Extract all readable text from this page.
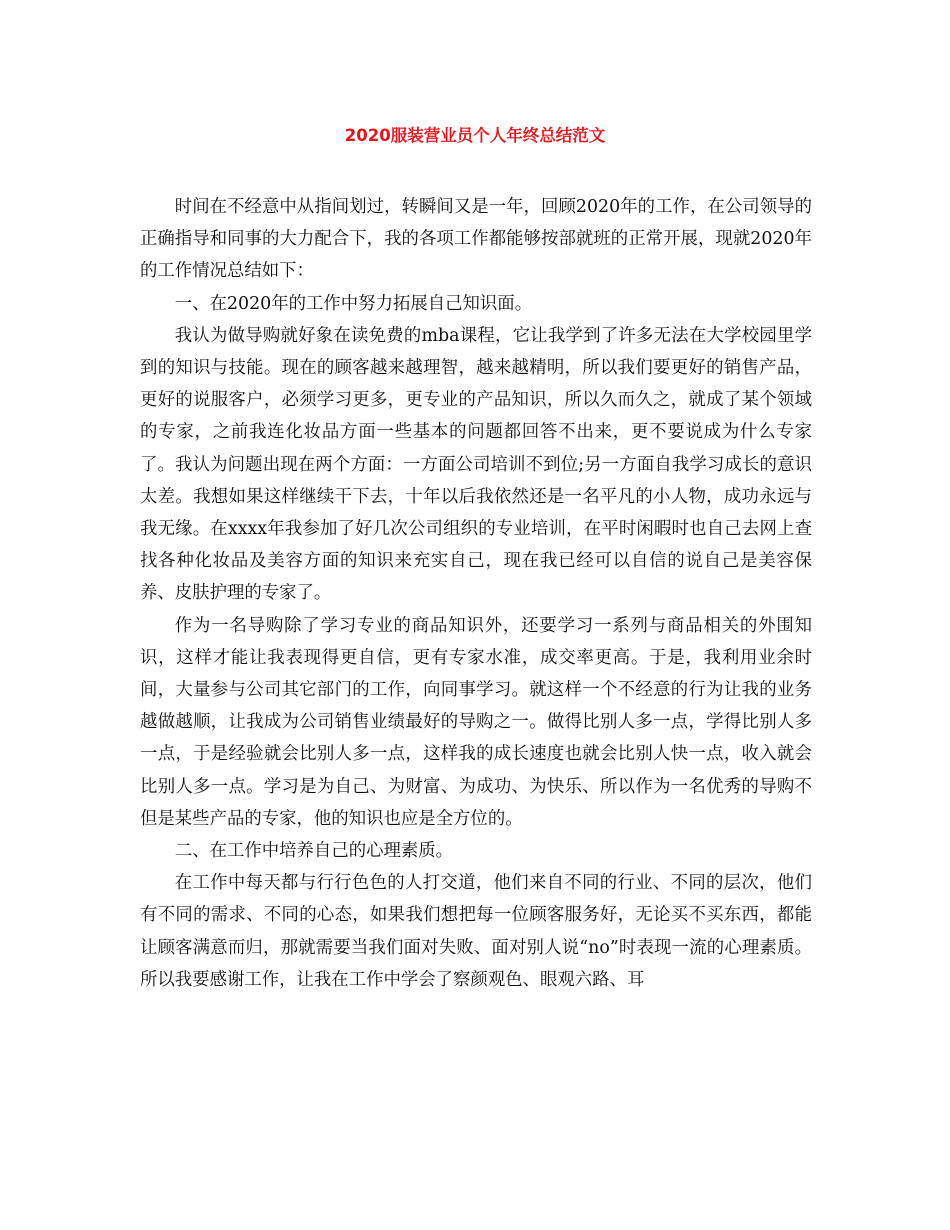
2020服装营业员个人年终总结范文

时间在不经意中从指间划过，转瞬间又是一年，回顾2020年的工作，在公司领导的正确指导和同事的大力配合下，我的各项工作都能够按部就班的正常开展，现就2020年的工作情况总结如下：

一、在2020年的工作中努力拓展自己知识面。

我认为做导购就好象在读免费的mba课程，它让我学到了许多无法在大学校园里学到的知识与技能。现在的顾客越来越理智，越来越精明，所以我们要更好的销售产品，更好的说服客户，必须学习更多，更专业的产品知识，所以久而久之，就成了某个领域的专家，之前我连化妆品方面一些基本的问题都回答不出来，更不要说成为什么专家了。我认为问题出现在两个方面：一方面公司培训不到位;另一方面自我学习成长的意识太差。我想如果这样继续干下去，十年以后我依然还是一名平凡的小人物，成功永远与我无缘。在xxxx年我参加了好几次公司组织的专业培训，在平时闲暇时也自己去网上查找各种化妆品及美容方面的知识来充实自己，现在我已经可以自信的说自己是美容保养、皮肤护理的专家了。

作为一名导购除了学习专业的商品知识外，还要学习一系列与商品相关的外围知识，这样才能让我表现得更自信，更有专家水准，成交率更高。于是，我利用业余时间，大量参与公司其它部门的工作，向同事学习。就这样一个不经意的行为让我的业务越做越顺，让我成为公司销售业绩最好的导购之一。做得比别人多一点，学得比别人多一点，于是经验就会比别人多一点，这样我的成长速度也就会比别人快一点，收入就会比别人多一点。学习是为自己、为财富、为成功、为快乐、所以作为一名优秀的导购不但是某些产品的专家，他的知识也应是全方位的。

二、在工作中培养自己的心理素质。

在工作中每天都与行行色色的人打交道，他们来自不同的行业、不同的层次，他们有不同的需求、不同的心态，如果我们想把每一位顾客服务好，无论买不买东西，都能让顾客满意而归，那就需要当我们面对失败、面对别人说“no”时表现一流的心理素质。所以我要感谢工作，让我在工作中学会了察颜观色、眼观六路、耳
